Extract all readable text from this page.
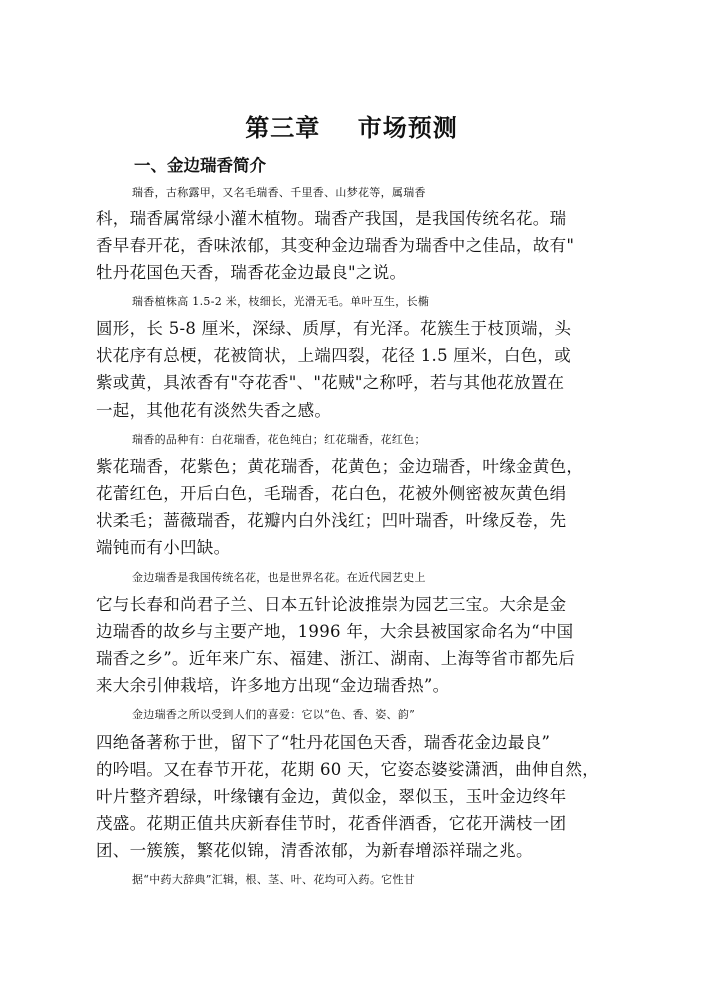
第三章    市场预测
一、金边瑞香简介
瑞香，古称露甲，又名毛瑞香、千里香、山梦花等，属瑞香
科，瑞香属常绿小灌木植物。瑞香产我国，是我国传统名花。瑞
香早春开花，香味浓郁，其变种金边瑞香为瑞香中之佳品，故有"
牡丹花国色天香，瑞香花金边最良"之说。
瑞香植株高 1.5-2 米，枝细长，光滑无毛。单叶互生，长椭
圆形，长 5-8 厘米，深绿、质厚，有光泽。花簇生于枝顶端，头
状花序有总梗，花被筒状，上端四裂，花径 1.5 厘米，白色，或
紫或黄，具浓香有"夺花香"、"花贼"之称呼，若与其他花放置在
一起，其他花有淡然失香之感。
瑞香的品种有：白花瑞香，花色纯白；红花瑞香，花红色；
紫花瑞香，花紫色；黄花瑞香，花黄色；金边瑞香，叶缘金黄色，
花蕾红色，开后白色，毛瑞香，花白色，花被外侧密被灰黄色绢
状柔毛；蔷薇瑞香，花瓣内白外浅红；凹叶瑞香，叶缘反卷，先
端钝而有小凹缺。
金边瑞香是我国传统名花，也是世界名花。在近代园艺史上
它与长春和尚君子兰、日本五针论波推崇为园艺三宝。大余是金
边瑞香的故乡与主要产地，1996 年，大余县被国家命名为“中国
瑞香之乡”。近年来广东、福建、浙江、湖南、上海等省市都先后
来大余引伸栽培，许多地方出现“金边瑞香热”。
金边瑞香之所以受到人们的喜爱：它以“色、香、姿、韵”
四绝备著称于世，留下了“牡丹花国色天香，瑞香花金边最良”
的吟唱。又在春节开花，花期 60 天，它姿态婆娑潇洒，曲伸自然，
叶片整齐碧绿，叶缘镶有金边，黄似金，翠似玉，玉叶金边终年
茂盛。花期正值共庆新春佳节时，花香伴酒香，它花开满枝一团
团、一簇簇，繁花似锦，清香浓郁，为新春增添祥瑞之兆。
据“中药大辞典”汇辑，根、茎、叶、花均可入药。它性甘
